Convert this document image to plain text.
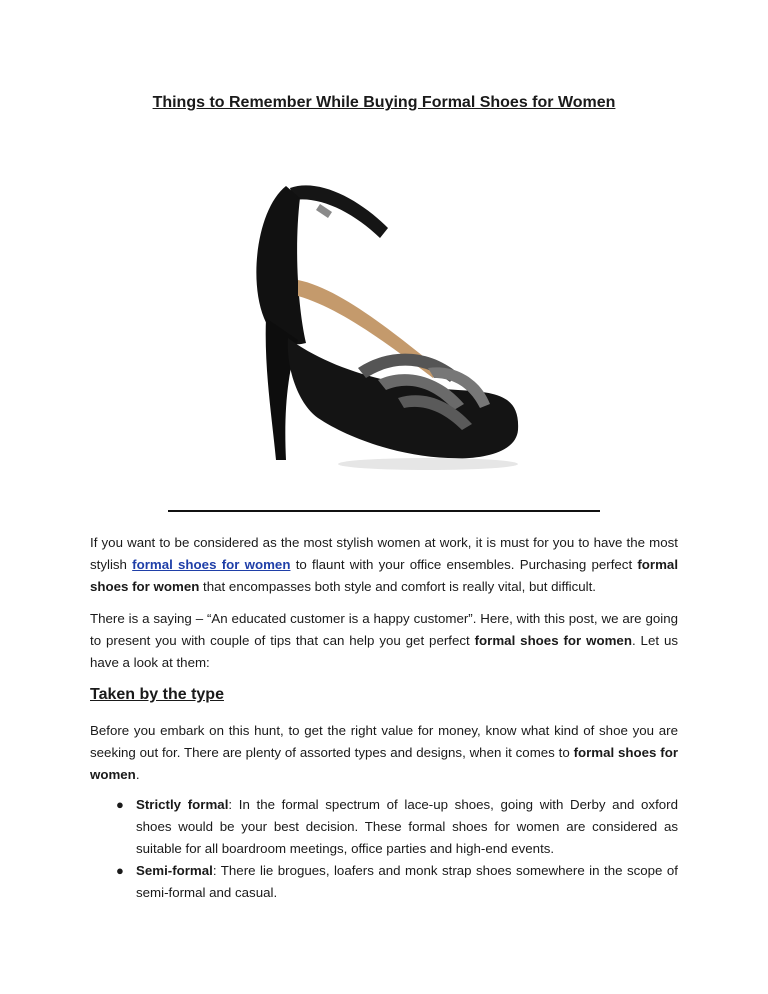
Things to Remember While Buying Formal Shoes for Women

If you want to be considered as the most stylish women at work, it is must for you to have the most stylish formal shoes for women to flaunt with your office ensembles. Purchasing perfect formal shoes for women that encompasses both style and comfort is really vital, but difficult.

There is a saying – “An educated customer is a happy customer”. Here, with this post, we are going to present you with couple of tips that can help you get perfect formal shoes for women. Let us have a look at them:

Taken by the type

Before you embark on this hunt, to get the right value for money, know what kind of shoe you are seeking out for. There are plenty of assorted types and designs, when it comes to formal shoes for women.

● Strictly formal: In the formal spectrum of lace-up shoes, going with Derby and oxford shoes would be your best decision. These formal shoes for women are considered as suitable for all boardroom meetings, office parties and high-end events.
● Semi-formal: There lie brogues, loafers and monk strap shoes somewhere in the scope of semi-formal and casual.
